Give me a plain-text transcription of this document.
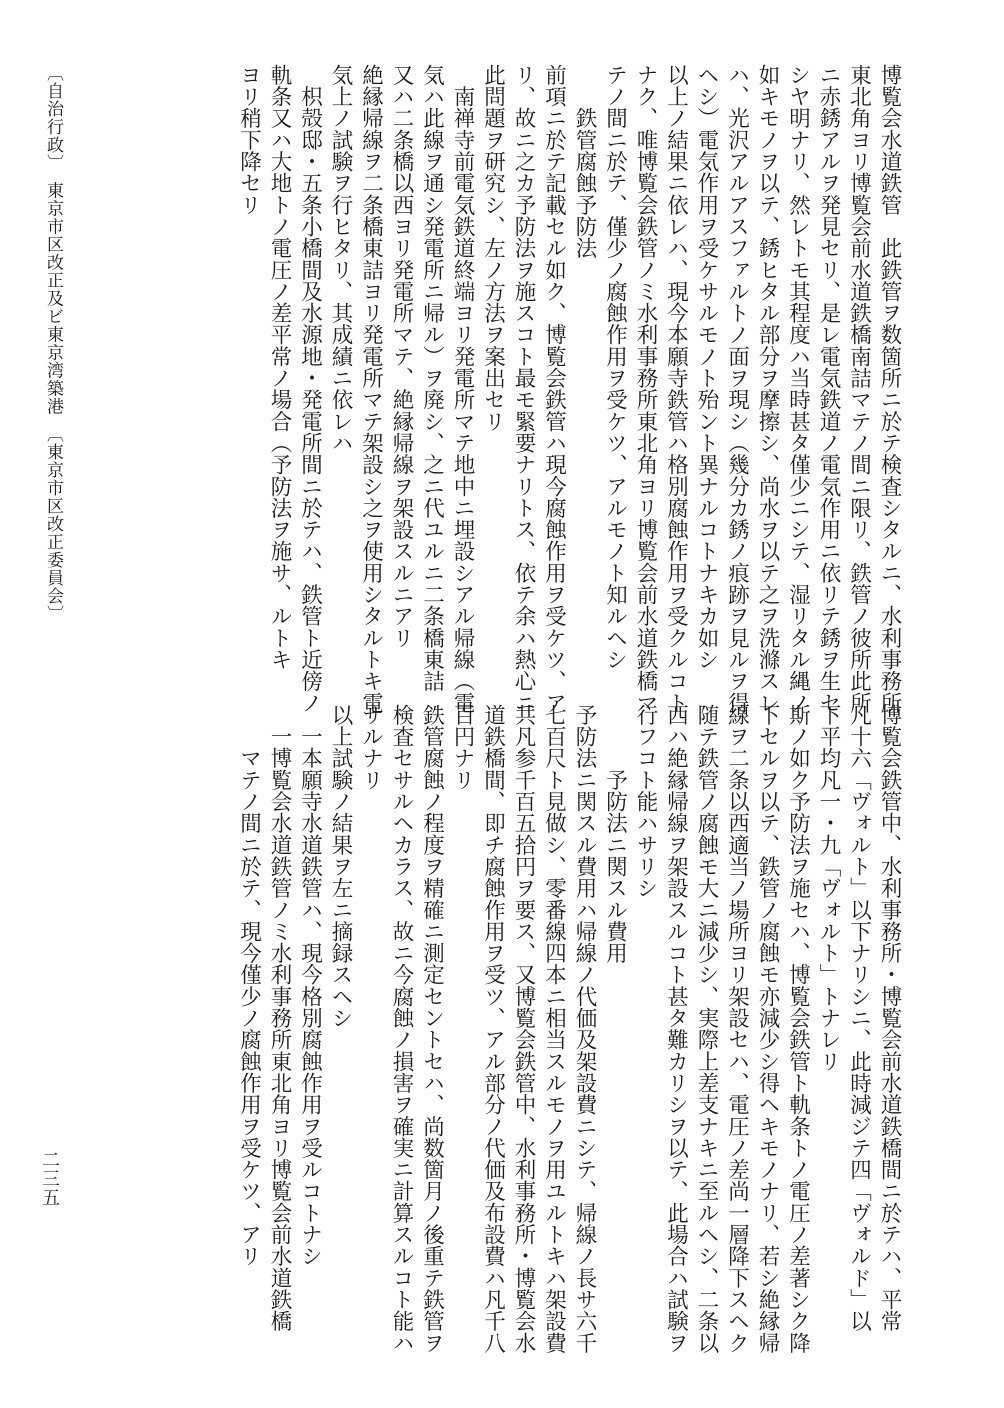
博覧会水道鉄管　此鉄管ヲ数箇所ニ於テ検査シタルニ、水利事務所
東北角ヨリ博覧会前水道鉄橋南詰マテノ間ニ限リ、鉄管ノ彼所此所
ニ赤銹アルヲ発見セリ、是レ電気鉄道ノ電気作用ニ依リテ銹ヲ生セ
シヤ明ナリ、然レトモ其程度ハ当時甚タ僅少ニシテ、湿リタル縄ノ
如キモノヲ以テ、銹ヒタル部分ヲ摩擦シ、尚水ヲ以テ之ヲ洗滌スレ
ハ、光沢アルアスファルトノ面ヲ現シ（幾分カ銹ノ痕跡ヲ見ルヲ得
ヘシ）電気作用ヲ受ケサルモノト殆ント異ナルコトナキカ如シ
以上ノ結果ニ依レハ、現今本願寺鉄管ハ格別腐蝕作用ヲ受クルコト
ナク、唯博覧会鉄管ノミ水利事務所東北角ヨリ博覧会前水道鉄橋マ
テノ間ニ於テ、僅少ノ腐蝕作用ヲ受ケツ、アルモノト知ルヘシ
　　鉄管腐蝕予防法
前項ニ於テ記載セル如ク、博覧会鉄管ハ現今腐蝕作用ヲ受ケツ、ア
リ、故ニ之カ予防法ヲ施スコト最モ緊要ナリトス、依テ余ハ熱心ニ
此問題ヲ研究シ、左ノ方法ヲ案出セリ
　南禅寺前電気鉄道終端ヨリ発電所マテ地中ニ埋設シアル帰線（電
気ハ此線ヲ通シ発電所ニ帰ル）ヲ廃シ、之ニ代ユルニ二条橋東詰
又ハ二条橋以西ヨリ発電所マテ、絶縁帰線ヲ架設スルニアリ
絶縁帰線ヲ二条橋東詰ヨリ発電所マテ架設シ之ヲ使用シタルトキ電
気上ノ試験ヲ行ヒタリ、其成績ニ依レハ
　枳殻邸・五条小橋間及水源地・発電所間ニ於テハ、鉄管ト近傍ノ
軌条又ハ大地トノ電圧ノ差平常ノ場合（予防法ヲ施サ、ルトキ
ヨリ稍下降セリ
博覧会鉄管中、水利事務所・博覧会前水道鉄橋間ニ於テハ、平常
凡十六「ヴォルト」以下ナリシニ、此時減ジテ四「ヴォルド」以
下平均凡一・九「ヴォルト」トナレリ
斯ノ如ク予防法ヲ施セハ、博覧会鉄管ト軌条トノ電圧ノ差著シク降
下セルヲ以テ、鉄管ノ腐蝕モ亦減少シ得ヘキモノナリ、若シ絶縁帰
線ヲ二条以西適当ノ場所ヨリ架設セハ、電圧ノ差尚一層降下スヘク
随テ鉄管ノ腐蝕モ大ニ減少シ、実際上差支ナキニ至ルヘシ、二条以
西ハ絶縁帰線ヲ架設スルコト甚タ難カリシヲ以テ、此場合ハ試験ヲ
行フコト能ハサリシ
　　　予防法ニ関スル費用
予防法ニ関スル費用ハ帰線ノ代価及架設費ニシテ、帰線ノ長サ六千
七百尺ト見做シ、零番線四本ニ相当スルモノヲ用ユルトキハ架設費
共凡参千百五拾円ヲ要ス、又博覧会鉄管中、水利事務所・博覧会水
道鉄橋間、即チ腐蝕作用ヲ受ツ、アル部分ノ代価及布設費ハ凡千八
百円ナリ
鉄管腐蝕ノ程度ヲ精確ニ測定セントセハ、尚数箇月ノ後重テ鉄管ヲ
検査セサルヘカラス、故ニ今腐蝕ノ損害ヲ確実ニ計算スルコト能ハ
サルナリ
以上試験ノ結果ヲ左ニ摘録スヘシ
　一本願寺水道鉄管ハ、現今格別腐蝕作用ヲ受ルコトナシ
　一博覧会水道鉄管ノミ水利事務所東北角ヨリ博覧会前水道鉄橋
　　マテノ間ニ於テ、現今僅少ノ腐蝕作用ヲ受ケツ、アリ
〔自治行政〕　東京市区改正及ビ東京湾築港　〔東京市区改正委員会〕
二三五
